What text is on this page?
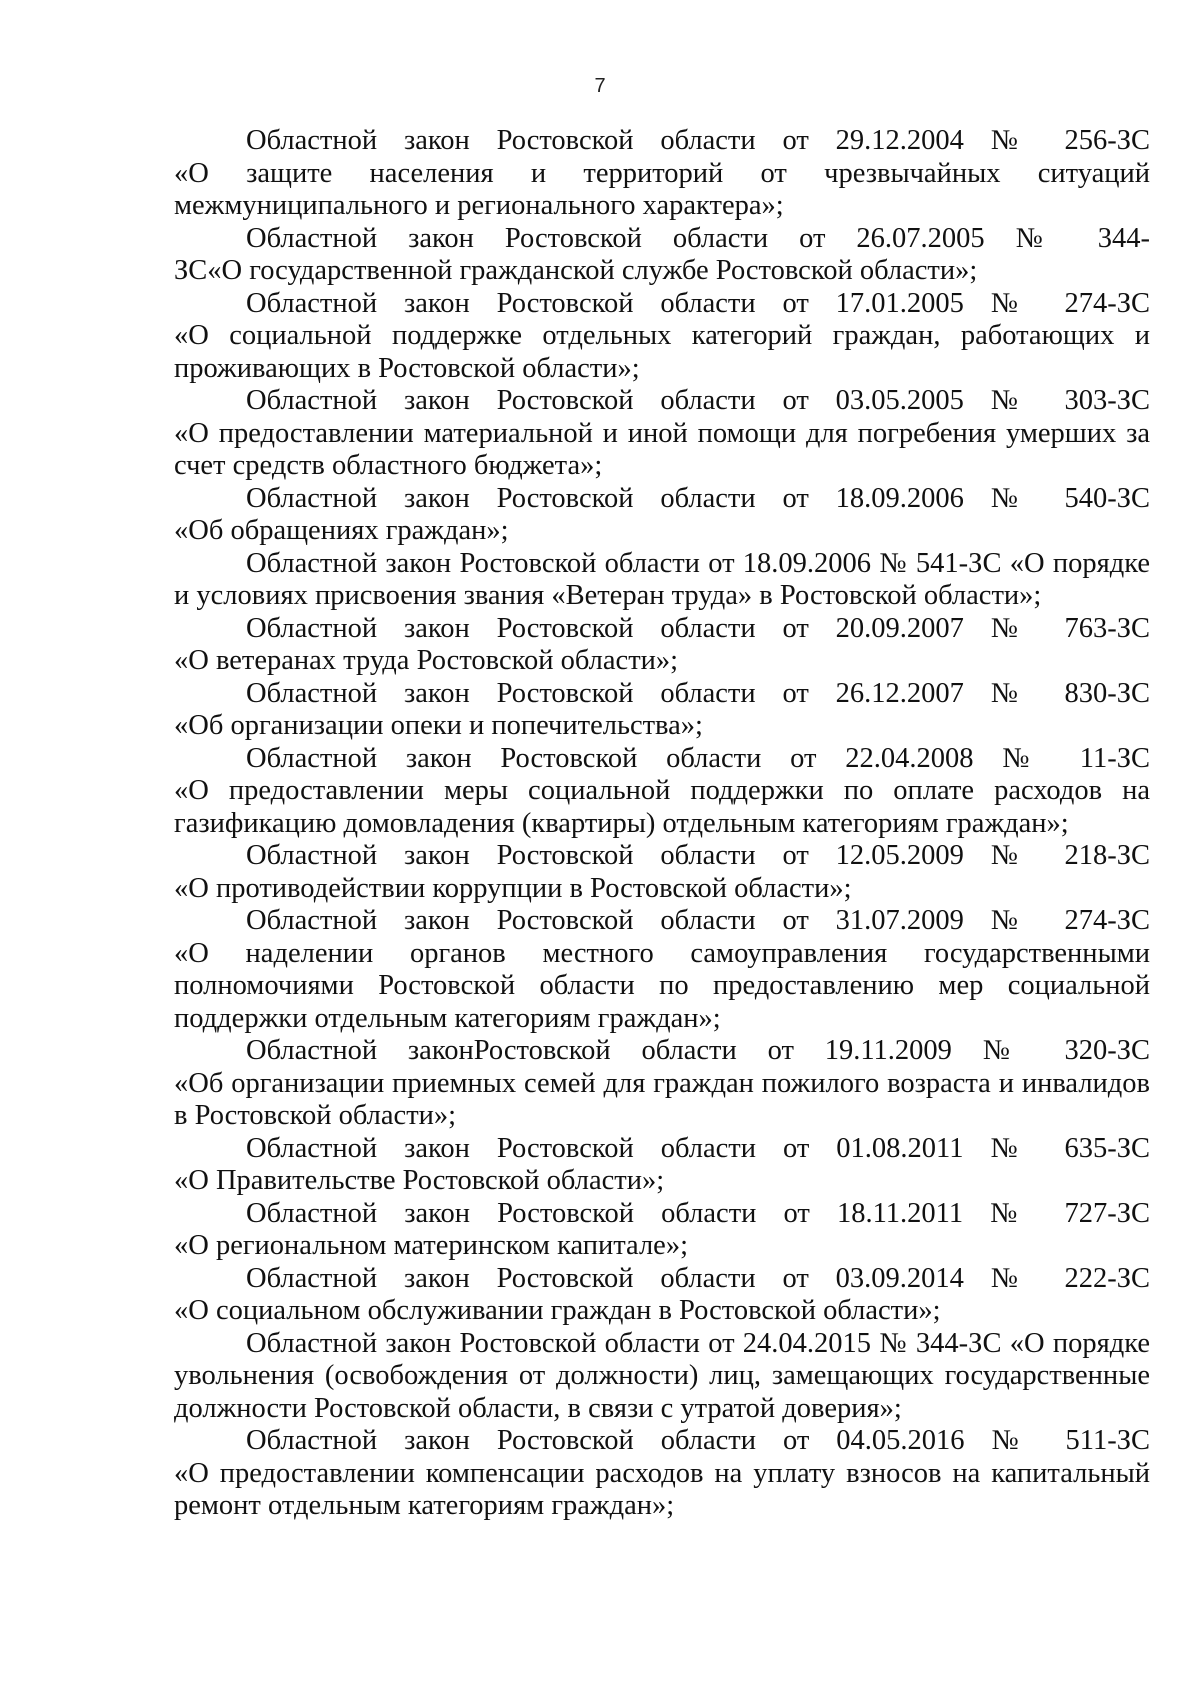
7

Областной закон Ростовской области от 29.12.2004 № 256-ЗС
«О защите населения и территорий от чрезвычайных ситуаций межмуниципального и регионального характера»;

Областной закон Ростовской области от 26.07.2005 № 344-
ЗС«О государственной гражданской службе Ростовской области»;

Областной закон Ростовской области от 17.01.2005 № 274-ЗС
«О социальной поддержке отдельных категорий граждан, работающих и проживающих в Ростовской области»;

Областной закон Ростовской области от 03.05.2005 № 303-ЗС
«О предоставлении материальной и иной помощи для погребения умерших за счет средств областного бюджета»;

Областной закон Ростовской области от 18.09.2006 № 540-ЗС
«Об обращениях граждан»;

Областной закон Ростовской области от 18.09.2006 № 541-ЗС «О порядке и условиях присвоения звания «Ветеран труда» в Ростовской области»;

Областной закон Ростовской области от 20.09.2007 № 763-ЗС
«О ветеранах труда Ростовской области»;

Областной закон Ростовской области от 26.12.2007 № 830-ЗС
«Об организации опеки и попечительства»;

Областной закон Ростовской области от 22.04.2008 № 11-ЗС
«О предоставлении меры социальной поддержки по оплате расходов на газификацию домовладения (квартиры) отдельным категориям граждан»;

Областной закон Ростовской области от 12.05.2009 № 218-ЗС
«О противодействии коррупции в Ростовской области»;

Областной закон Ростовской области от 31.07.2009 № 274-ЗС
«О наделении органов местного самоуправления государственными полномочиями Ростовской области по предоставлению мер социальной поддержки отдельным категориям граждан»;

Областной законРостовской области от 19.11.2009 № 320-ЗС
«Об организации приемных семей для граждан пожилого возраста и инвалидов в Ростовской области»;

Областной закон Ростовской области от 01.08.2011 № 635-ЗС
«О Правительстве Ростовской области»;

Областной закон Ростовской области от 18.11.2011 № 727-ЗС
«О региональном материнском капитале»;

Областной закон Ростовской области от 03.09.2014 № 222-ЗС
«О социальном обслуживании граждан в Ростовской области»;

Областной закон Ростовской области от 24.04.2015 № 344-ЗС «О порядке увольнения (освобождения от должности) лиц, замещающих государственные должности Ростовской области, в связи с утратой доверия»;

Областной закон Ростовской области от 04.05.2016 № 511-ЗС
«О предоставлении компенсации расходов на уплату взносов на капитальный ремонт отдельным категориям граждан»;
